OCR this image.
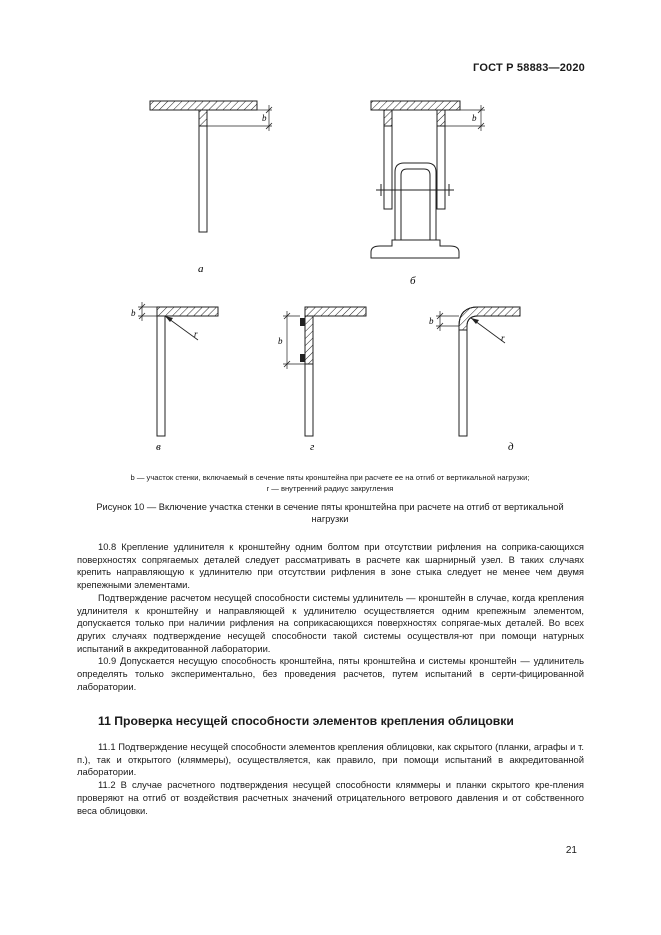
ГОСТ Р 58883—2020
b
а
b
б
b
r
в
b
г
b
r
д
b — участок стенки, включаемый в сечение пяты кронштейна при расчете ее на отгиб от вертикальной нагрузки;
r — внутренний радиус закругления
Рисунок 10 — Включение участка стенки в сечение пяты кронштейна при расчете на отгиб от вертикальной
нагрузки

10.8 Крепление удлинителя к кронштейну одним болтом при отсутствии рифления на соприка-сающихся поверхностях сопрягаемых деталей следует рассматривать в расчете как шарнирный узел. В таких случаях крепить направляющую к удлинителю при отсутствии рифления в зоне стыка следует не менее чем двумя крепежными элементами.

Подтверждение расчетом несущей способности системы удлинитель — кронштейн в случае, когда крепления удлинителя к кронштейну и направляющей к удлинителю осуществляется одним крепежным элементом, допускается только при наличии рифления на соприкасающихся поверхностях сопрягае-мых деталей. Во всех других случаях подтверждение несущей способности такой системы осуществля-ют при помощи натурных испытаний в аккредитованной лаборатории.

10.9 Допускается несущую способность кронштейна, пяты кронштейна и системы кронштейн — удлинитель определять только экспериментально, без проведения расчетов, путем испытаний в серти-фицированной лаборатории.

11 Проверка несущей способности элементов крепления облицовки

11.1 Подтверждение несущей способности элементов крепления облицовки, как скрытого (планки, аграфы и т. п.), так и открытого (кляммеры), осуществляется, как правило, при помощи испытаний в аккредитованной лаборатории.

11.2 В случае расчетного подтверждения несущей способности кляммеры и планки скрытого кре-пления проверяют на отгиб от воздействия расчетных значений отрицательного ветрового давления и от собственного веса облицовки.

21
